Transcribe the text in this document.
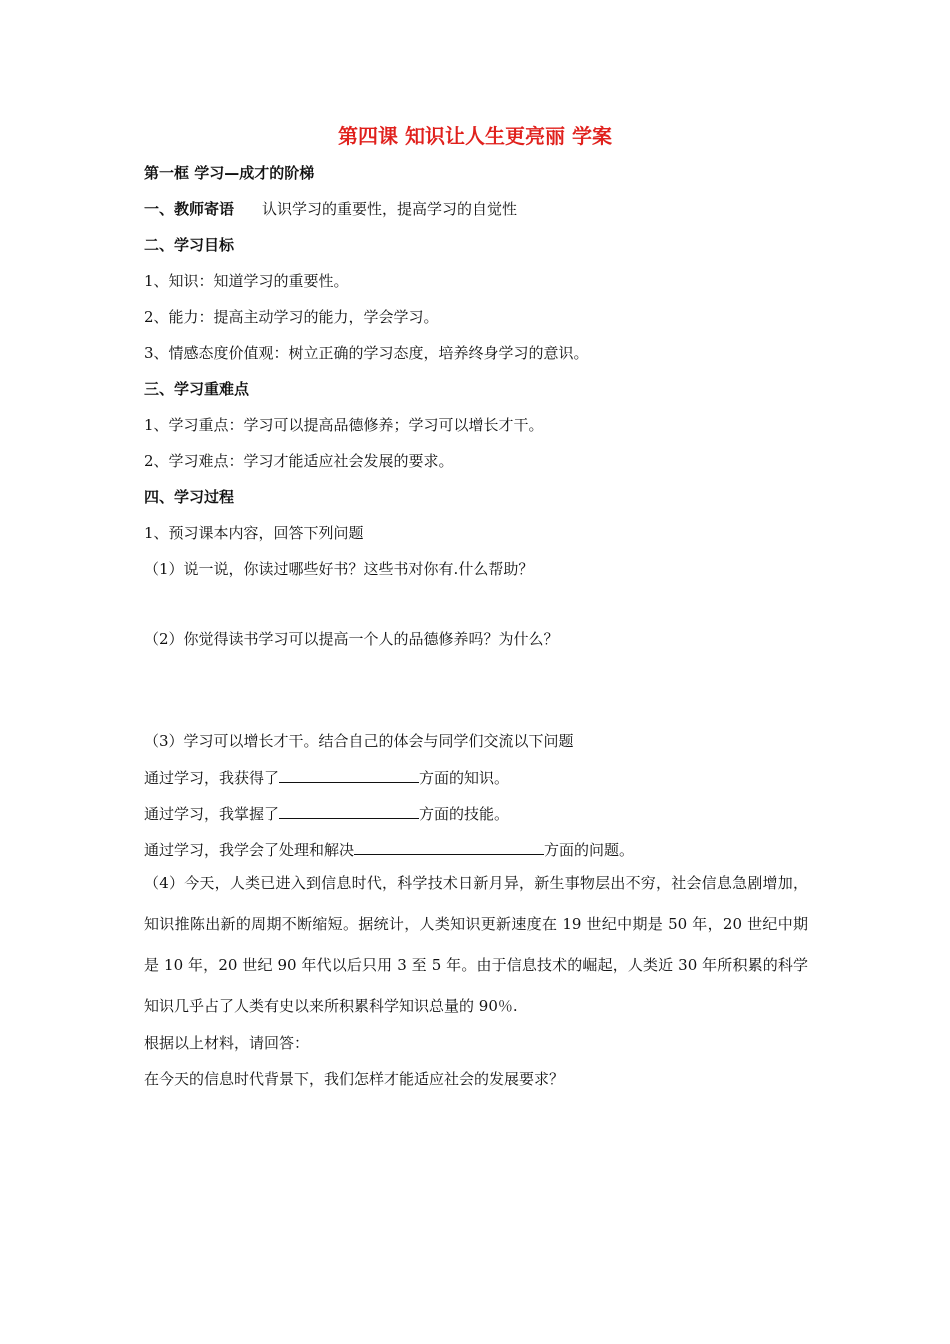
第四课 知识让人生更亮丽 学案
第一框 学习—成才的阶梯
一、教师寄语 认识学习的重要性，提高学习的自觉性
二、学习目标
1、知识：知道学习的重要性。
2、能力：提高主动学习的能力，学会学习。
3、情感态度价值观：树立正确的学习态度，培养终身学习的意识。
三、学习重难点
1、学习重点：学习可以提高品德修养；学习可以增长才干。
2、学习难点：学习才能适应社会发展的要求。
四、学习过程
1、预习课本内容，回答下列问题
（1）说一说，你读过哪些好书？这些书对你有.什么帮助？
（2）你觉得读书学习可以提高一个人的品德修养吗？为什么？
（3）学习可以增长才干。结合自己的体会与同学们交流以下问题
通过学习，我获得了	方面的知识。
通过学习，我掌握了	方面的技能。
通过学习，我学会了处理和解决	方面的问题。
（4）今天，人类已进入到信息时代，科学技术日新月异，新生事物层出不穷，社会信息急剧增加，知识推陈出新的周期不断缩短。据统计，人类知识更新速度在 19 世纪中期是 50 年，20 世纪中期是 10 年，20 世纪 90 年代以后只用 3 至 5 年。由于信息技术的崛起，人类近 30 年所积累的科学知识几乎占了人类有史以来所积累科学知识总量的 90％.
根据以上材料，请回答：
在今天的信息时代背景下，我们怎样才能适应社会的发展要求？
